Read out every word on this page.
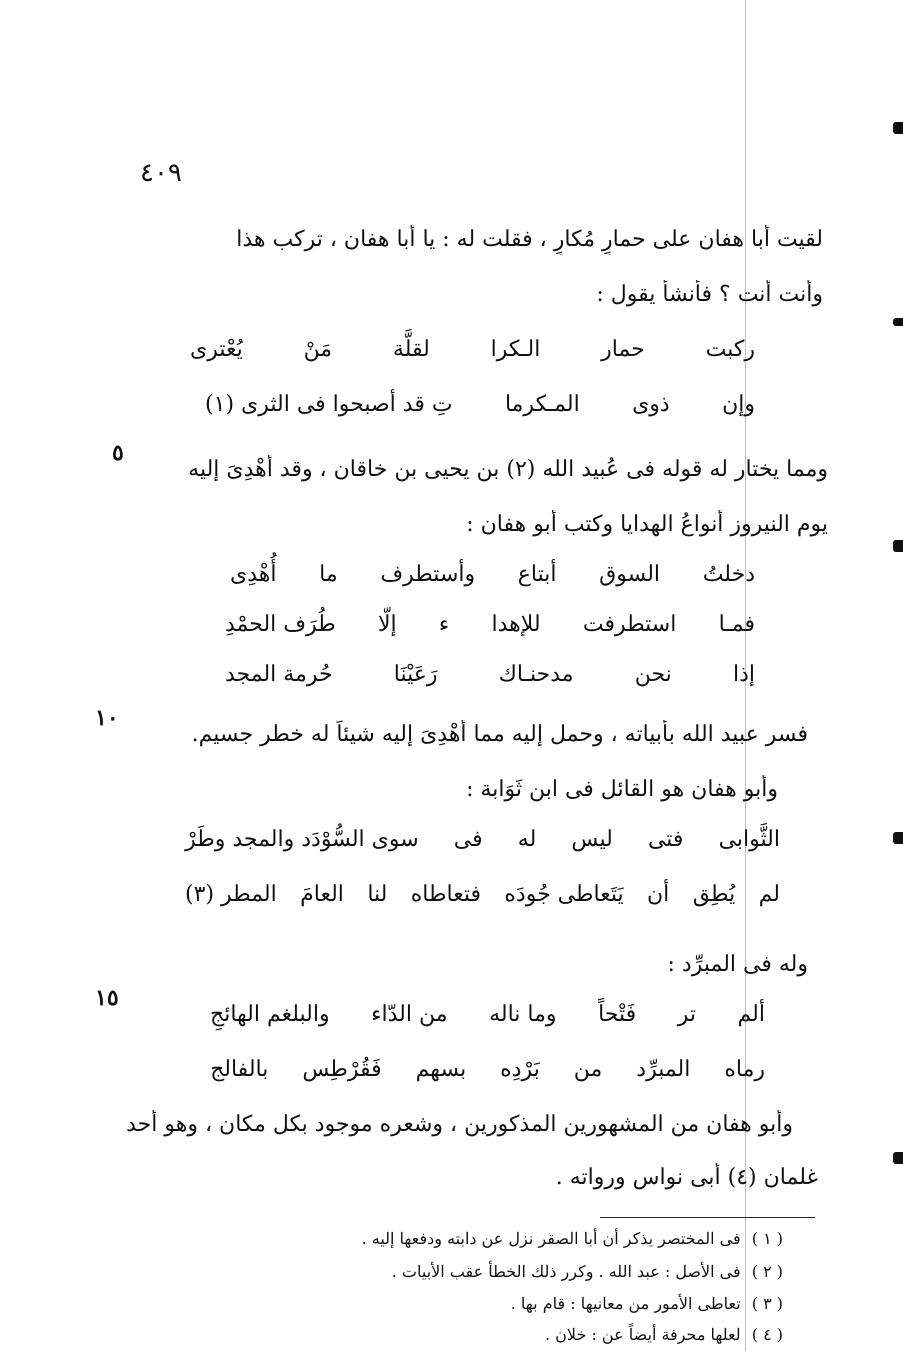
٤٠٩
لقيت أبا هفان على حمارٍ مُكارٍ ، فقلت له : يا أبا هفان ، تركب هذا
وأنت أنت ؟ فأنشأ يقول :
ركبت
حمار
الـكرا
لقلَّة
مَنْ
يُعْترى
وإن
ذوى
المـكرما
تِ قد أصبحوا فى الثرى (١)
٥
ومما يختار له قوله فى عُبيد الله (٢) بن يحيى بن خاقان ، وقد أُهْدِىَ إليه
يوم النيروز أنواعُ الهدايا وكتب أبو هفان :
دخلتُ
السوق
أبتاع
وأستطرف
ما
أُهْدِى
فمـا
استطرفت
للإهدا
ء
إلّا
طُرَف الحمْدِ
إذا
نحن
مدحنـاك
رَعَيْنَا
حُرمة المجد
١٠
فسر عبيد الله بأبياته ، وحمل إليه مما أُهْدِىَ إليه شيئاً له خطر جسيم.
وأبو هفان هو القائل فى ابن ثَوَابة :
الثَّوابى
فتى
ليس
له
فى
سوى السُّوْدَد والمجد وطَرْ
لم
يُطِق
أن
يَتَعاطى جُودَه
فتعاطاه
لنا
العامَ
المطر (٣)
وله فى المبرِّد :
١٥
ألم
تر
فَتْحاً
وما ناله
من الدّاء
والبلغم الهائجِ
رماه
المبرِّد
من
بَرْدِه
بسهم
فَقُرْطِس
بالفالج
وأبو هفان من المشهورين المذكورين ، وشعره موجود بكل مكان ، وهو أحد
غلمان (٤) أبى نواس ورواته .
( ١ ) فى المختصر يذكر أن أبا الصقر نزل عن دابته ودفعها إليه .
( ٢ ) فى الأصل : عبد الله . وكرر ذلك الخطأ عقب الأبيات .
( ٣ ) تعاطى الأمور من معانيها : قام بها .
( ٤ ) لعلها محرفة أيضاً عن : خلان .
